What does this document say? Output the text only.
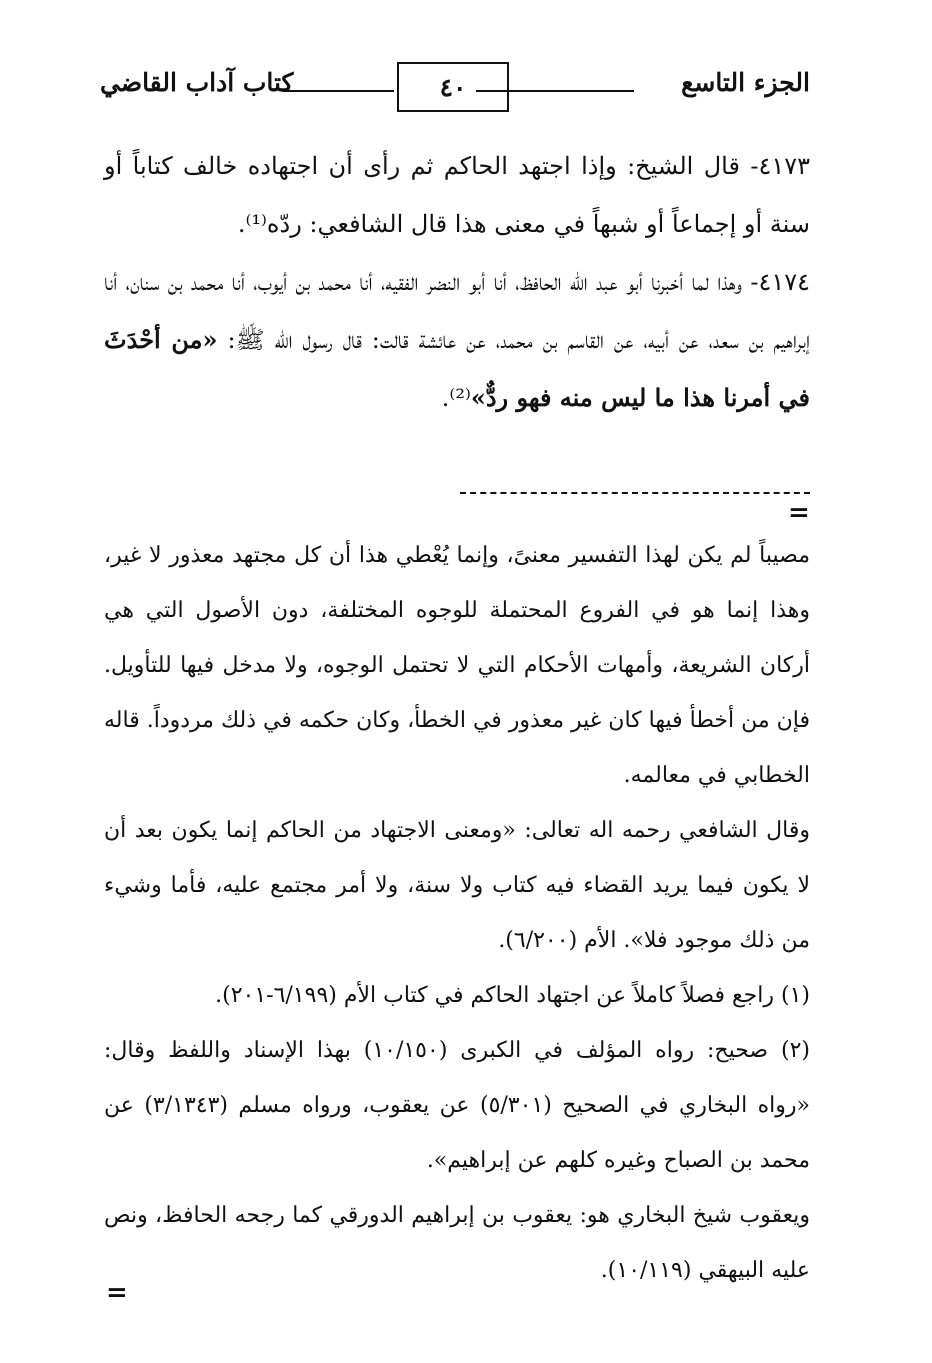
الجزء التاسع
٤٠
كتاب آداب القاضي

٤١٧٣- قال الشيخ: وإذا اجتهد الحاكم ثم رأى أن اجتهاده خالف كتاباً أو سنة أو إجماعاً أو شبهاً في معنى هذا قال الشافعي: ردّه⁽¹⁾.

٤١٧٤- وهذا لما أخبرنا أبو عبد الله الحافظ، أنا أبو النضر الفقيه، أنا محمد بن أيوب، أنا محمد بن سنان، أنا إبراهيم بن سعد، عن أبيه، عن القاسم بن محمد، عن عائشة قالت: قال رسول الله ﷺ: «من أحْدَثَ في أمرنا هذا ما ليس منه فهو ردٌّ»⁽²⁾.

=

مصيباً لم يكن لهذا التفسير معنىً، وإنما يُعْطي هذا أن كل مجتهد معذور لا غير، وهذا إنما هو في الفروع المحتملة للوجوه المختلفة، دون الأصول التي هي أركان الشريعة، وأمهات الأحكام التي لا تحتمل الوجوه، ولا مدخل فيها للتأويل. فإن من أخطأ فيها كان غير معذور في الخطأ، وكان حكمه في ذلك مردوداً. قاله الخطابي في معالمه.

وقال الشافعي رحمه اله تعالى: «ومعنى الاجتهاد من الحاكم إنما يكون بعد أن لا يكون فيما يريد القضاء فيه كتاب ولا سنة، ولا أمر مجتمع عليه، فأما وشيء من ذلك موجود فلا». الأم (٦/٢٠٠).

(١) راجع فصلاً كاملاً عن اجتهاد الحاكم في كتاب الأم (٦/١٩٩-٢٠١).

(٢) صحيح: رواه المؤلف في الكبرى (١٠/١٥٠) بهذا الإسناد واللفظ وقال: «رواه البخاري في الصحيح (٥/٣٠١) عن يعقوب، ورواه مسلم (٣/١٣٤٣) عن محمد بن الصباح وغيره كلهم عن إبراهيم».

ويعقوب شيخ البخاري هو: يعقوب بن إبراهيم الدورقي كما رجحه الحافظ، ونص عليه البيهقي (١٠/١١٩).

=
